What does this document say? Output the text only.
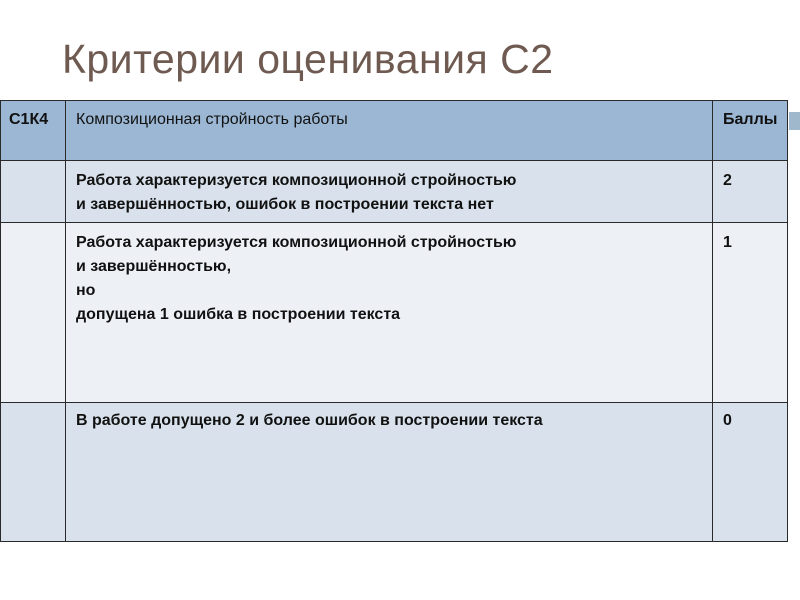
Критерии оценивания С2
С1К4	Композиционная стройность работы	Баллы

	Работа характеризуется композиционной стройностью
и завершённостью, ошибок в построении текста нет	2

	Работа характеризуется композиционной стройностью
и завершённостью,
но
допущена 1 ошибка в построении текста	1

	В работе допущено 2 и более ошибок в построении текста	0
